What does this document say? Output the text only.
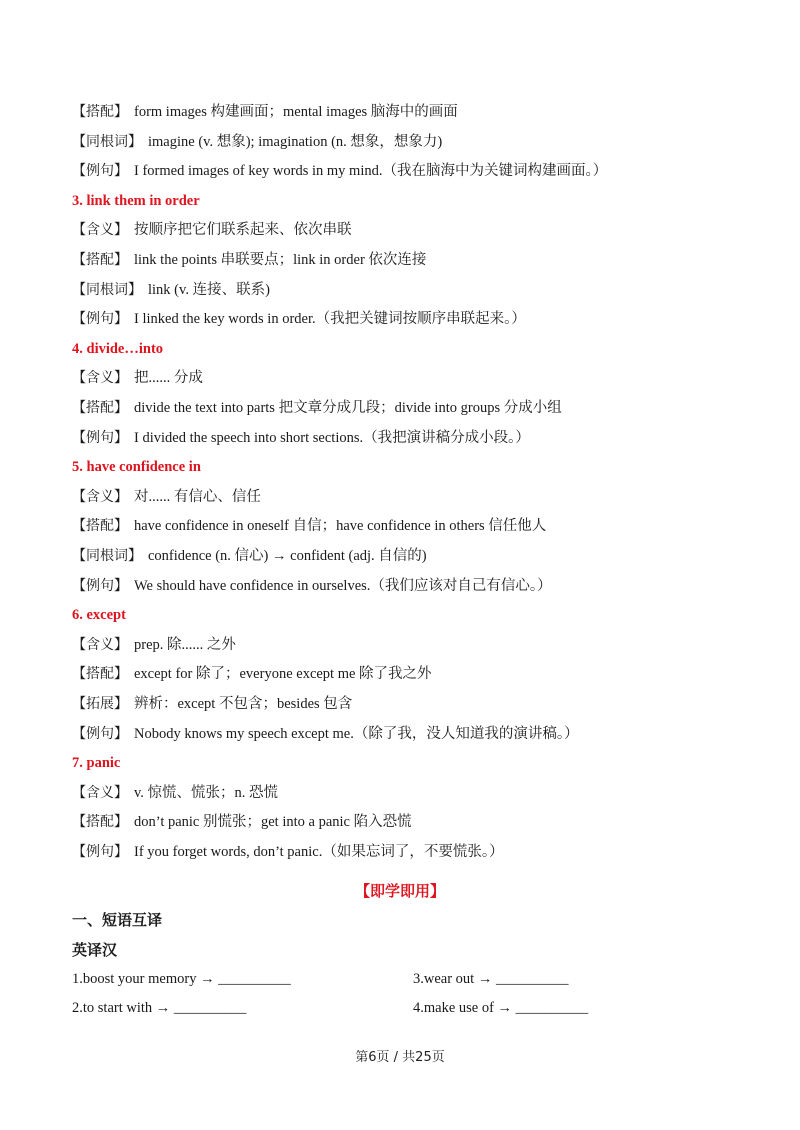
【搭配】 form images 构建画面；mental images 脑海中的画面
【同根词】 imagine (v. 想象); imagination (n. 想象，想象力)
【例句】 I formed images of key words in my mind.（我在脑海中为关键词构建画面。）
3. link them in order
【含义】 按顺序把它们联系起来、依次串联
【搭配】 link the points 串联要点；link in order 依次连接
【同根词】 link (v. 连接、联系)
【例句】 I linked the key words in order.（我把关键词按顺序串联起来。）
4. divide…into
【含义】 把...... 分成
【搭配】 divide the text into parts 把文章分成几段；divide into groups 分成小组
【例句】 I divided the speech into short sections.（我把演讲稿分成小段。）
5. have confidence in
【含义】 对...... 有信心、信任
【搭配】 have confidence in oneself 自信；have confidence in others 信任他人
【同根词】 confidence (n. 信心) → confident (adj. 自信的)
【例句】 We should have confidence in ourselves.（我们应该对自己有信心。）
6. except
【含义】 prep. 除...... 之外
【搭配】 except for 除了；everyone except me 除了我之外
【拓展】 辨析：except 不包含；besides 包含
【例句】 Nobody knows my speech except me.（除了我，没人知道我的演讲稿。）
7. panic
【含义】 v. 惊慌、慌张；n. 恐慌
【搭配】 don’t panic 别慌张；get into a panic 陷入恐慌
【例句】 If you forget words, don’t panic.（如果忘词了，不要慌张。）
【即学即用】
一、短语互译
英译汉
1.boost your memory → __________	3.wear out → __________
2.to start with → __________	4.make use of → __________
第6页 / 共25页
